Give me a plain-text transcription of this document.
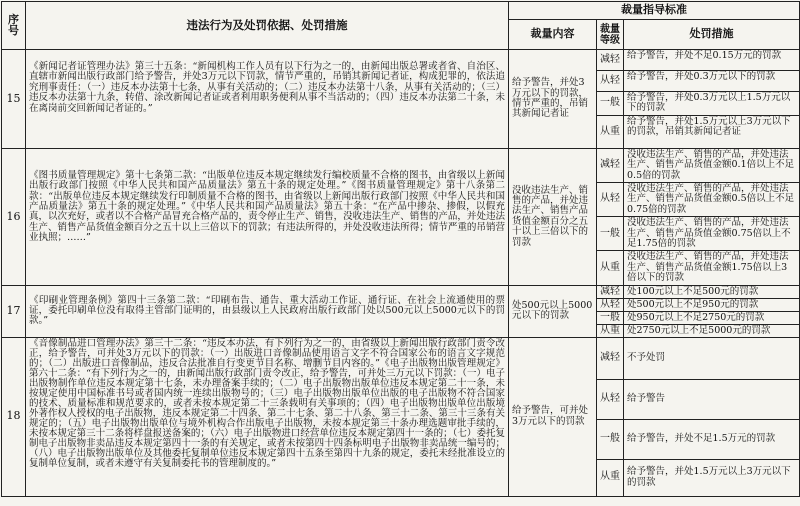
序号	违法行为及处罚依据、处罚措施	裁量指导标准		
		裁量内容	裁量等级	处罚措施
15	《新闻记者证管理办法》第三十五条：“新闻机构工作人员有以下行为之一的，由新闻出版总署或者省、自治区、直辖市新闻出版行政部门给予警告，并处3万元以下罚款，情节严重的，吊销其新闻记者证，构成犯罪的，依法追究刑事责任：（一）违反本办法第十七条，从事有关活动的；（二）违反本办法第十八条，从事有关活动的；（三）违反本办法第十九条，转借、涂改新闻记者证或者利用职务便利从事不当活动的；（四）违反本办法第二十条，未在离岗前交回新闻记者证的。”	给予警告，并处3万元以下的罚款，情节严重的，吊销其新闻记者证	减轻	给予警告，并处不足0.15万元的罚款
			从轻	给予警告，并处0.3万元以下的罚款
			一般	给予警告，并处0.3万元以上1.5万元以下的罚款
			从重	给予警告，并处1.5万元以上3万元以下的罚款，吊销其新闻记者证
16	《图书质量管理规定》第十七条第二款：“出版单位违反本规定继续发行编校质量不合格的图书，由省级以上新闻出版行政部门按照《中华人民共和国产品质量法》第五十条的规定处理。”《图书质量管理规定》第十八条第二款：“出版单位违反本规定继续发行印制质量不合格的图书，由省级以上新闻出版行政部门按照《中华人民共和国产品质量法》第五十条的规定处理。”《中华人民共和国产品质量法》第五十条：“在产品中掺杂、掺假，以假充真，以次充好，或者以不合格产品冒充合格产品的，责令停止生产、销售，没收违法生产、销售的产品，并处违法生产、销售产品货值金额百分之五十以上三倍以下的罚款；有违法所得的，并处没收违法所得；情节严重的吊销营业执照；……”	没收违法生产、销售的产品，并处违法生产、销售产品货值金额百分之五十以上三倍以下的罚款	减轻	没收违法生产、销售的产品，并处违法生产、销售产品货值金额0.1倍以上不足0.5倍的罚款
			从轻	没收违法生产、销售的产品，并处违法生产、销售产品货值金额0.5倍以上不足0.75倍的罚款
			一般	没收违法生产、销售的产品，并处违法生产、销售产品货值金额0.75倍以上不足1.75倍的罚款
			从重	没收违法生产、销售的产品，并处违法生产、销售产品货值金额1.75倍以上3倍以下的罚款
17	《印刷业管理条例》第四十三条第二款：“印刷布告、通告、重大活动工作证、通行证、在社会上流通使用的票证，委托印刷单位没有取得主管部门证明的，由县级以上人民政府出版行政部门处以500元以上5000元以下的罚款。”	处500元以上5000元以下的罚款	减轻	处100元以上不足500元的罚款
			从轻	处500元以上不足950元的罚款
			一般	处950元以上不足2750元的罚款
			从重	处2750元以上不足5000元的罚款
18	《音像制品进口管理办法》第三十二条：“违反本办法，有下列行为之一的，由省级以上新闻出版行政部门责令改正，给予警告，可并处3万元以下的罚款：（一）出版进口音像制品使用语言文字不符合国家公布的语言文字规范的；（二）出版进口音像制品，违反合法批准自行变更节目名称、增删节目内容的。”《电子出版物出版管理规定》第六十二条：“有下列行为之一的，由新闻出版行政部门责令改正，给予警告，可并处三万元以下罚款：（一）电子出版物制作单位违反本规定第十七条，未办理备案手续的；（二）电子出版物出版单位违反本规定第二十一条，未按规定使用中国标准书号或者国内统一连续出版物号的；（三）电子出版物出版单位出版的电子出版物不符合国家的技术、质量标准和规范要求的，或者未按本规定第二十三条载明有关事项的；（四）电子出版物出版单位出版境外著作权人授权的电子出版物，违反本规定第二十四条、第二十七条、第二十八条、第三十二条、第三十三条有关规定的；（五）电子出版物出版单位与境外机构合作出版电子出版物，未按本规定第三十条办理选题审批手续的，未按本规定第三十二条将样盘报送备案的；（六）电子出版物进口经营单位违反本规定第四十一条的；（七）委托复制电子出版物非卖品违反本规定第四十一条的有关规定，或者未按第四十四条标明电子出版物非卖品统一编号的；（八）电子出版物出版单位及其他委托复制单位违反本规定第四十五条至第四十九条的规定，委托未经批准设立的复制单位复制，或者未遵守有关复制委托书的管理制度的。”	给予警告，可并处3万元以下的罚款	减轻	不予处罚
			从轻	给予警告
			一般	给予警告，并处不足1.5万元的罚款
			从重	给予警告，并处1.5万元以上3万元以下的罚款
